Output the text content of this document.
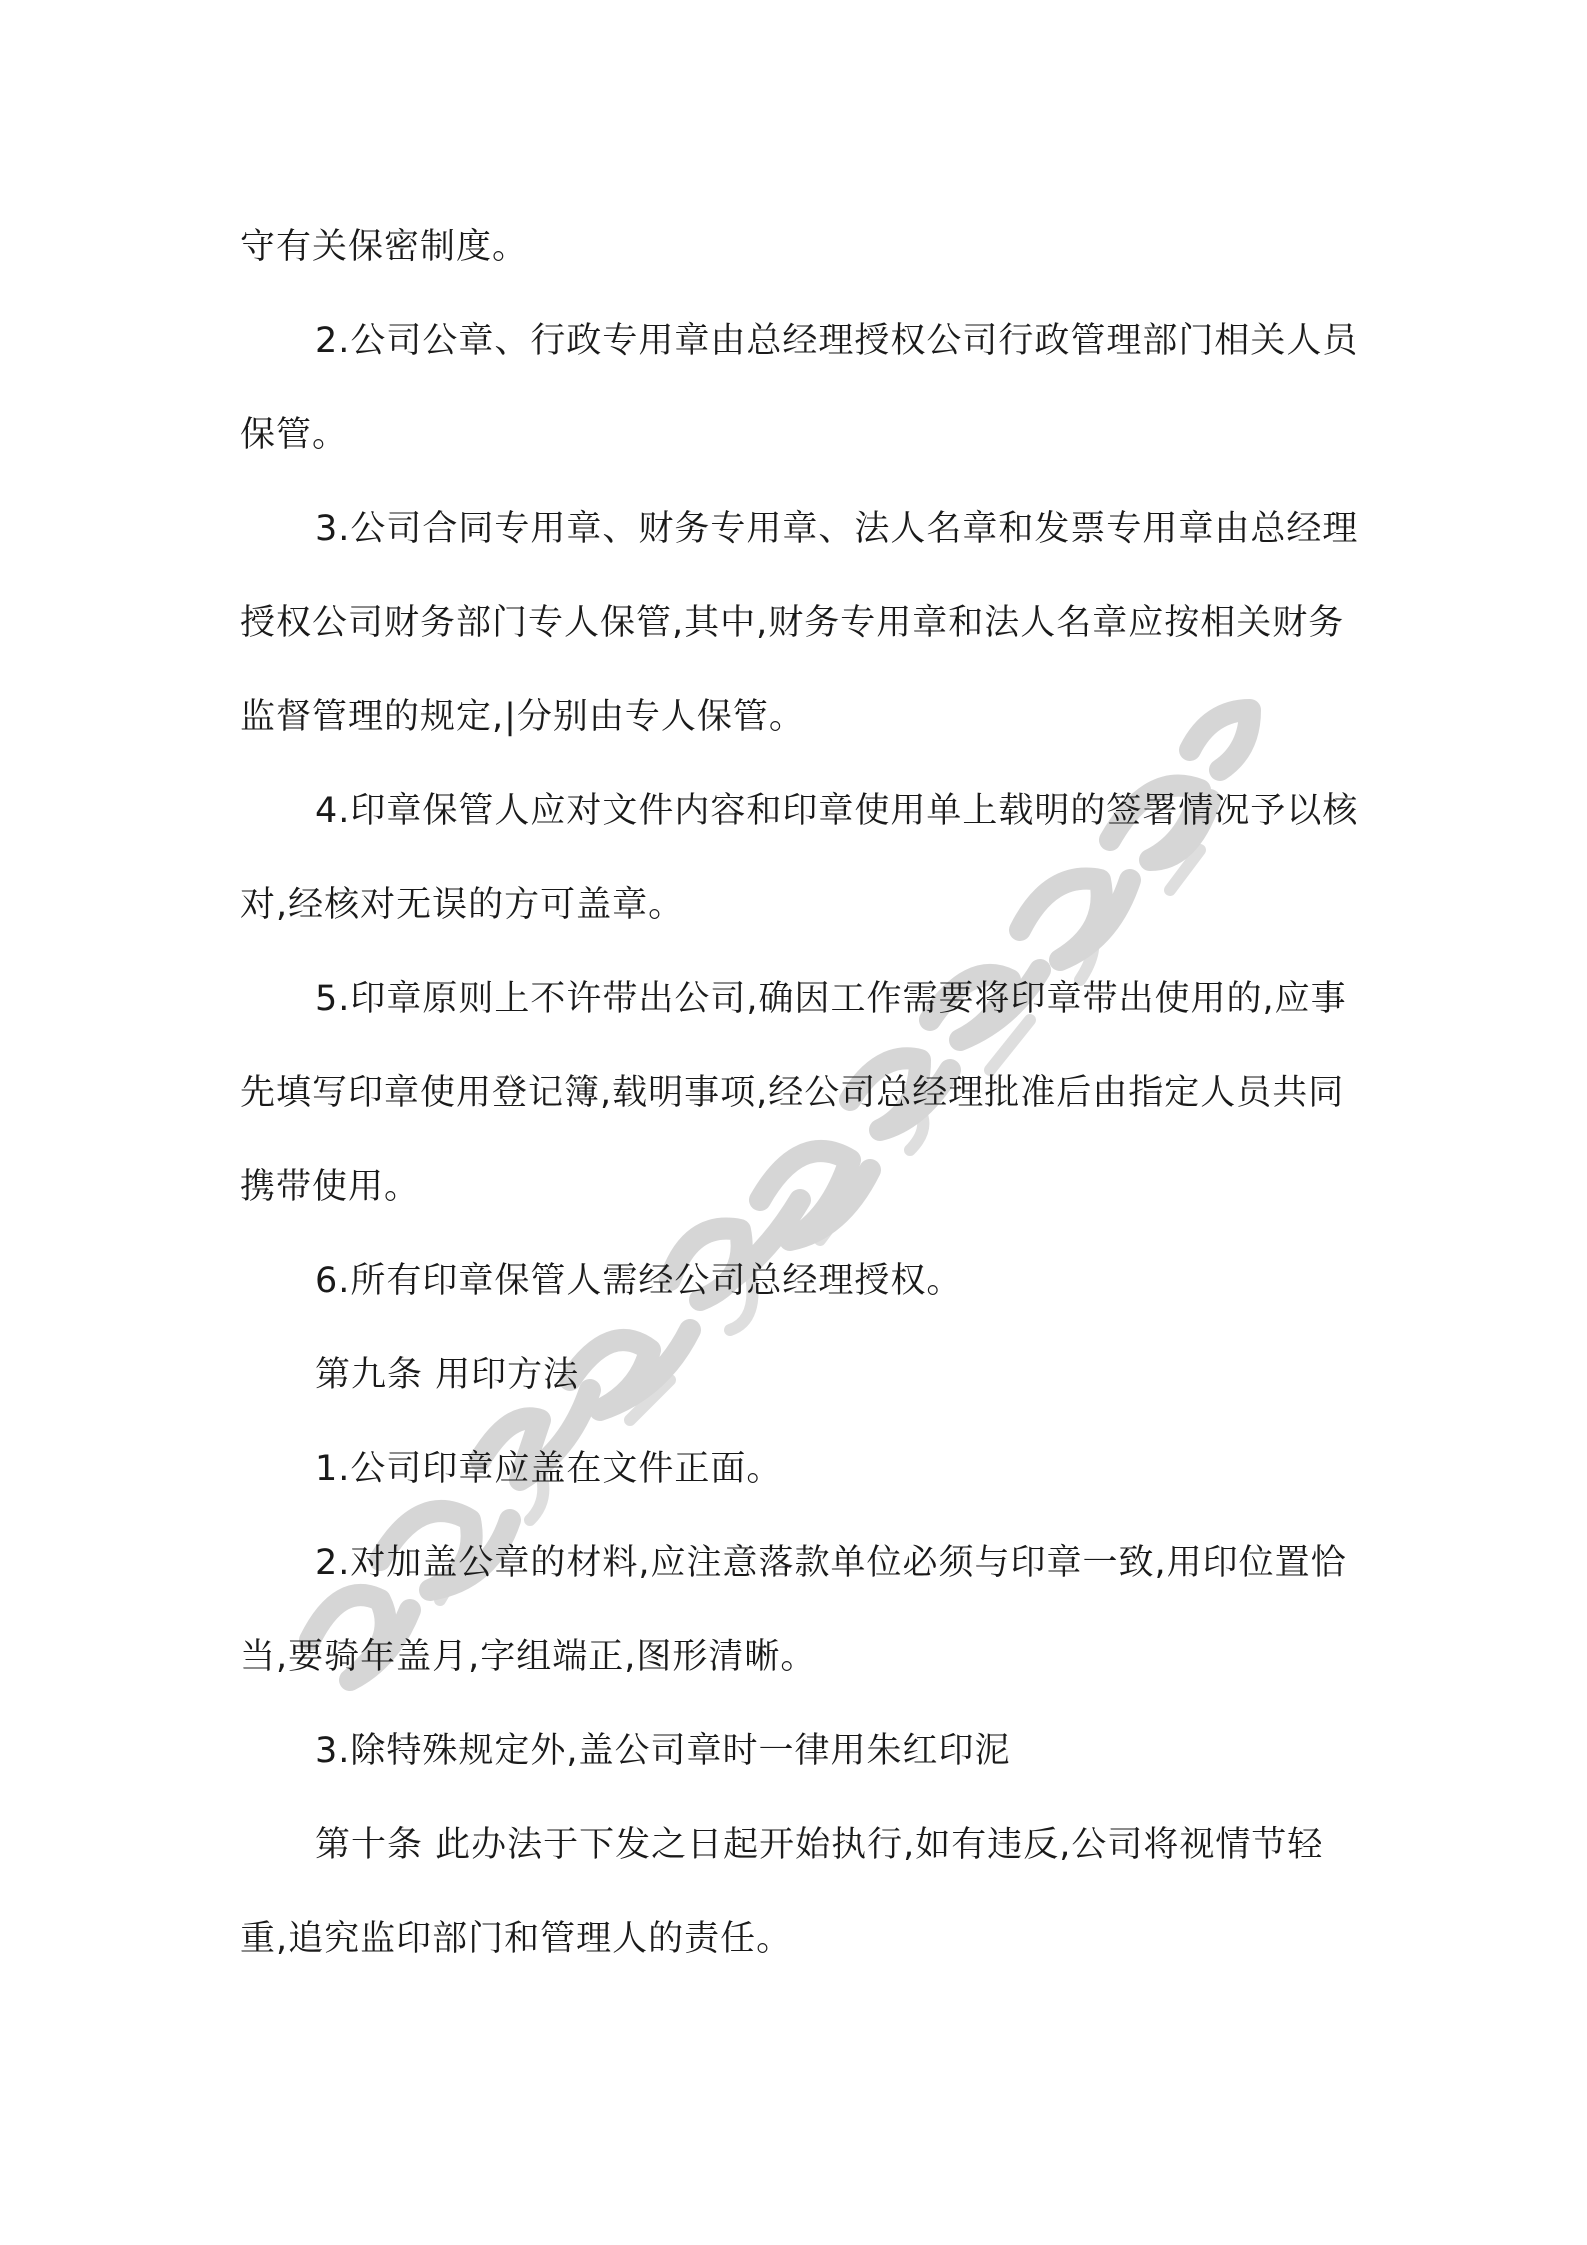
守有关保密制度。

2.公司公章、行政专用章由总经理授权公司行政管理部门相关人员保管。

3.公司合同专用章、财务专用章、法人名章和发票专用章由总经理授权公司财务部门专人保管,其中,财务专用章和法人名章应按相关财务监督管理的规定,|分别由专人保管。

4.印章保管人应对文件内容和印章使用单上载明的签署情况予以核对,经核对无误的方可盖章。

5.印章原则上不许带出公司,确因工作需要将印章带出使用的,应事先填写印章使用登记簿,载明事项,经公司总经理批准后由指定人员共同携带使用。

6.所有印章保管人需经公司总经理授权。

第九条 用印方法

1.公司印章应盖在文件正面。

2.对加盖公章的材料,应注意落款单位必须与印章一致,用印位置恰当,要骑年盖月,字组端正,图形清晰。

3.除特殊规定外,盖公司章时一律用朱红印泥

第十条 此办法于下发之日起开始执行,如有违反,公司将视情节轻重,追究监印部门和管理人的责任。
